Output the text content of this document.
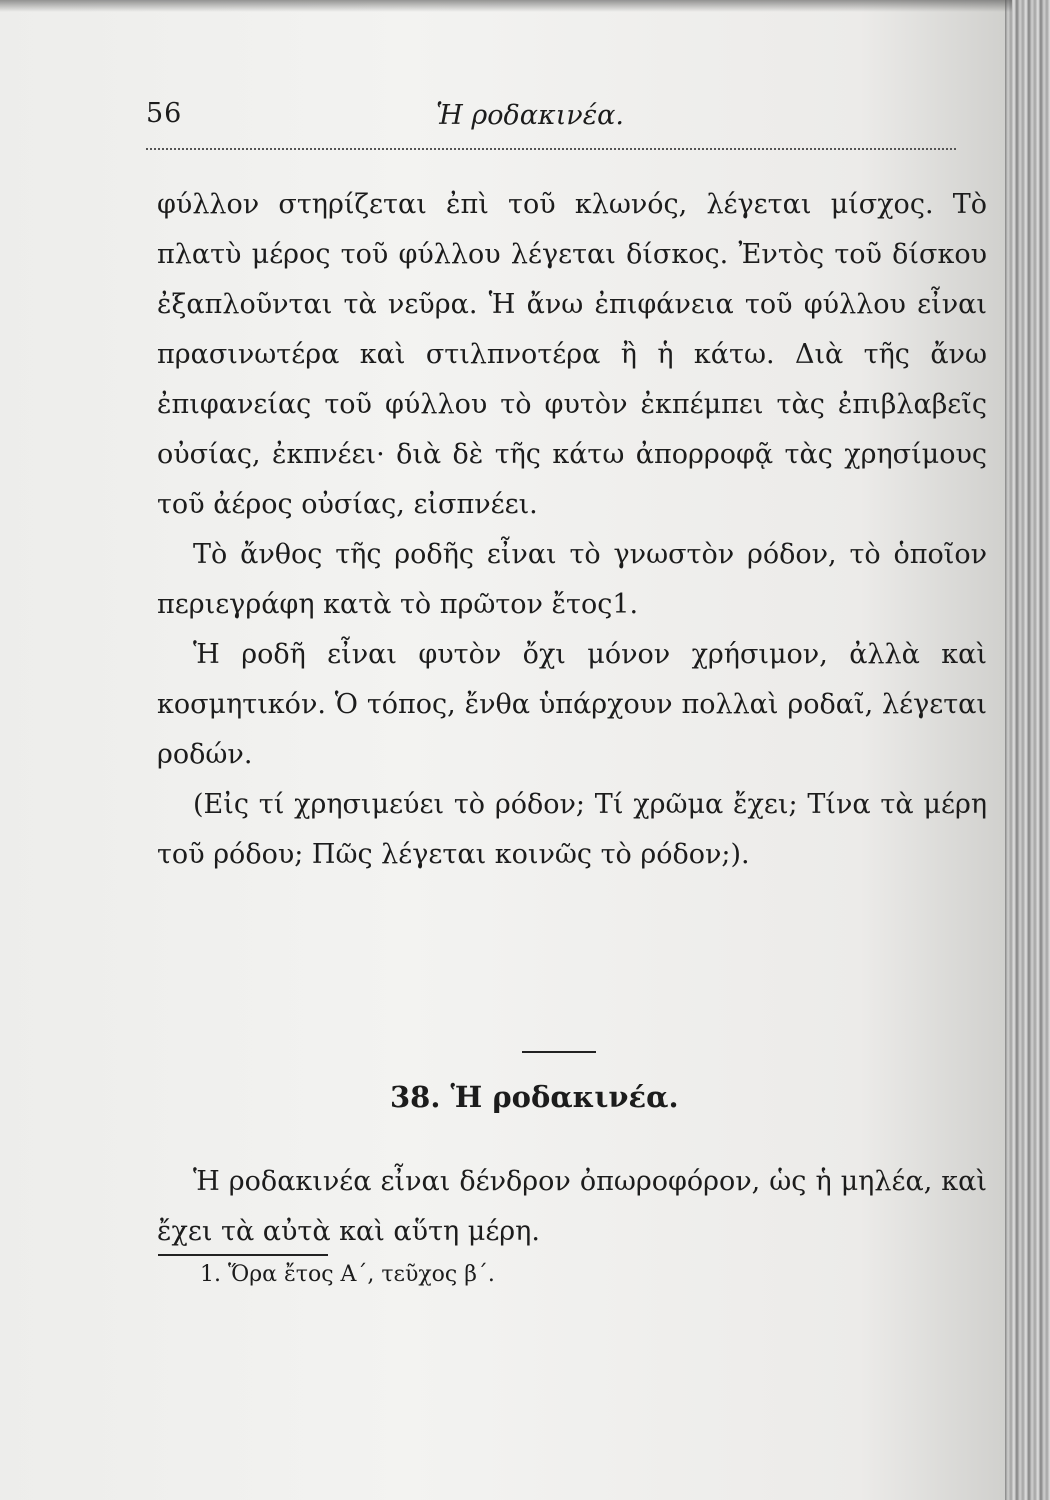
56	Ἡ ροδακινέα.

φύλλον στηρίζεται ἐπὶ τοῦ κλωνός, λέγεται μίσχος. Τὸ πλατὺ μέρος τοῦ φύλλου λέγεται δίσκος. Ἐντὸς τοῦ δίσκου ἐξαπλοῦνται τὰ νεῦρα. Ἡ ἄνω ἐπιφάνεια τοῦ φύλλου εἶναι πρασινωτέρα καὶ στιλπνοτέρα ἢ ἡ κάτω. Διὰ τῆς ἄνω ἐπιφανείας τοῦ φύλλου τὸ φυτὸν ἐκπέμπει τὰς ἐπιβλαβεῖς οὐσίας, ἐκπνέει· διὰ δὲ τῆς κάτω ἀπορροφᾷ τὰς χρησίμους τοῦ ἀέρος οὐσίας, εἰσπνέει.

Τὸ ἄνθος τῆς ροδῆς εἶναι τὸ γνωστὸν ρόδον, τὸ ὁποῖον περιεγράφη κατὰ τὸ πρῶτον ἔτος1.

Ἡ ροδῆ εἶναι φυτὸν ὄχι μόνον χρήσιμον, ἀλλὰ καὶ κοσμητικόν. Ὁ τόπος, ἔνθα ὑπάρχουν πολλαὶ ροδαῖ, λέγεται ροδών.

(Εἰς τί χρησιμεύει τὸ ρόδον; Τί χρῶμα ἔχει; Τίνα τὰ μέρη τοῦ ρόδου; Πῶς λέγεται κοινῶς τὸ ρόδον;).

38. Ἡ ροδακινέα.

Ἡ ροδακινέα εἶναι δένδρον ὀπωροφόρον, ὡς ἡ μηλέα, καὶ ἔχει τὰ αὐτὰ καὶ αὕτη μέρη.

1. Ὅρα ἔτος Α΄, τεῦχος β΄.
